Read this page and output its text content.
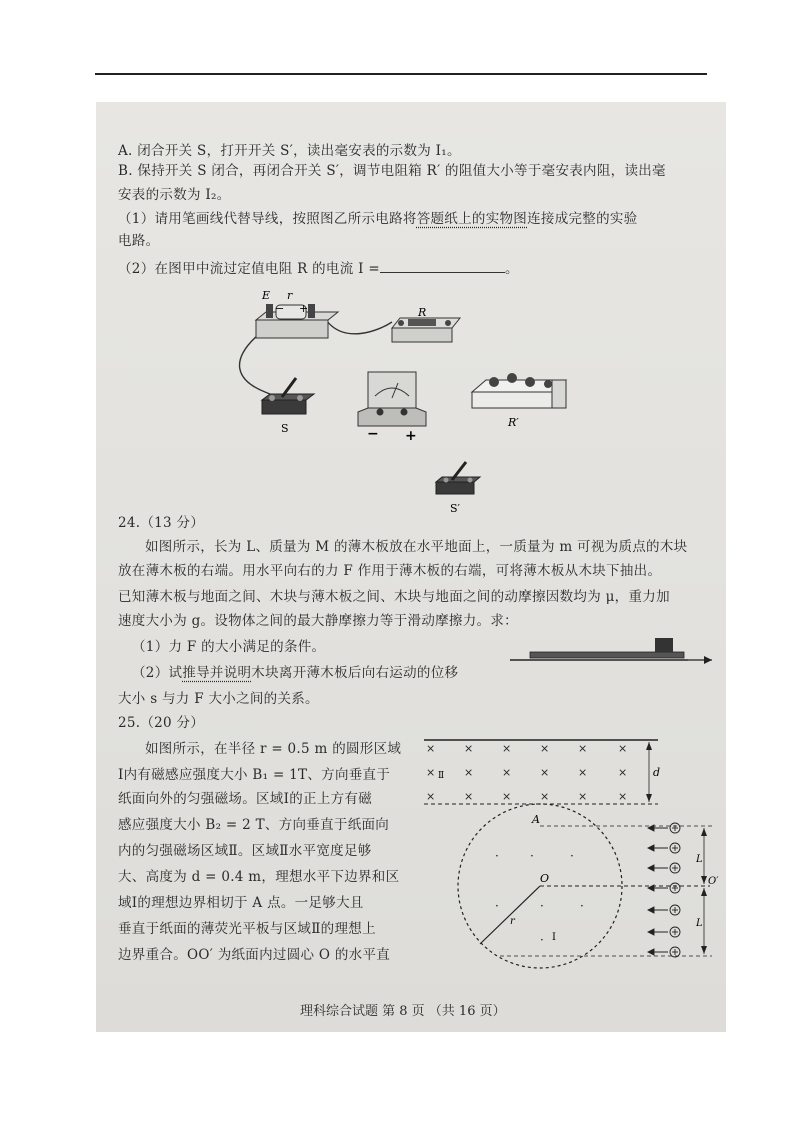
A. 闭合开关 S，打开开关 S′，读出毫安表的示数为 I₁。
B. 保持开关 S 闭合，再闭合开关 S′，调节电阻箱 R′ 的阻值大小等于毫安表内阻，读出毫
安表的示数为 I₂。
（1）请用笔画线代替导线，按照图乙所示电路将答题纸上的实物图连接成完整的实验
电路。
（2）在图甲中流过定值电阻 R 的电流 I =	。
E r
− +	R
S	− +
R′
S′
24.（13 分）
如图所示，长为 L、质量为 M 的薄木板放在水平地面上，一质量为 m 可视为质点的木块
放在薄木板的右端。用水平向右的力 F 作用于薄木板的右端，可将薄木板从木块下抽出。
已知薄木板与地面之间、木块与薄木板之间、木块与地面之间的动摩擦因数均为 μ，重力加
速度大小为 g。设物体之间的最大静摩擦力等于滑动摩擦力。求：
（1）力 F 的大小满足的条件。
（2）试推导并说明木块离开薄木板后向右运动的位移
大小 s 与力 F 大小之间的关系。
25.（20 分）
如图所示，在半径 r = 0.5 m 的圆形区域
Ⅰ内有磁感应强度大小 B₁ = 1T、方向垂直于
纸面向外的匀强磁场。区域Ⅰ的正上方有磁
感应强度大小 B₂ = 2 T、方向垂直于纸面向
内的匀强磁场区域Ⅱ。区域Ⅱ水平宽度足够
大、高度为 d = 0.4 m，理想水平下边界和区
域Ⅰ的理想边界相切于 A 点。一足够大且
垂直于纸面的薄荧光平板与区域Ⅱ的理想上
边界重合。OO′ 为纸面内过圆心 O 的水平直
d
×	×	×	×	×	×
×	×	×	×	×	×
×	×	×	×	×	×
Ⅱ
A
O
Ⅰ
r
O′
L
L
·	·	·
·	·	·
·
理科综合试题 第 8 页 （共 16 页）
